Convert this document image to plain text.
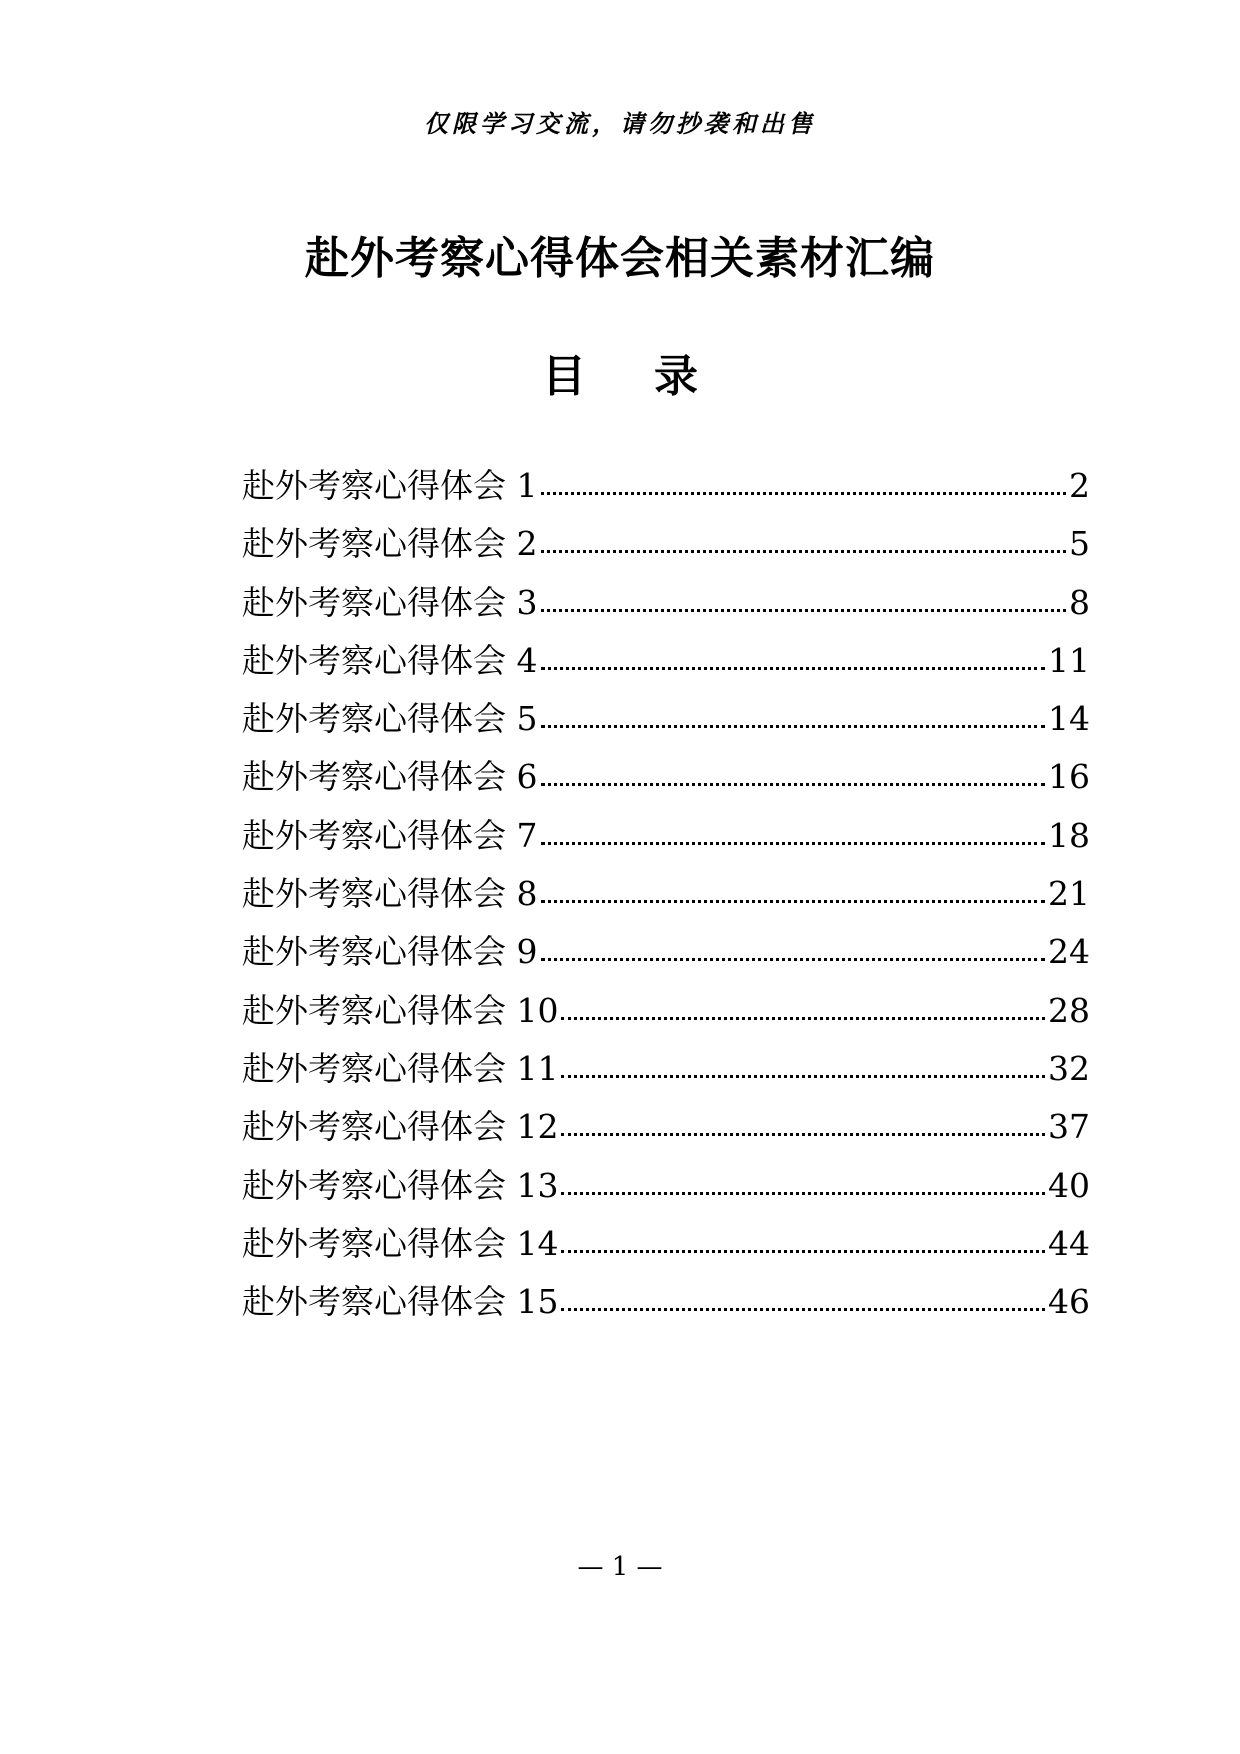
仅限学习交流，请勿抄袭和出售
赴外考察心得体会相关素材汇编
目 录
赴外考察心得体会 1	2
赴外考察心得体会 2	5
赴外考察心得体会 3	8
赴外考察心得体会 4	11
赴外考察心得体会 5	14
赴外考察心得体会 6	16
赴外考察心得体会 7	18
赴外考察心得体会 8	21
赴外考察心得体会 9	24
赴外考察心得体会 10	28
赴外考察心得体会 11	32
赴外考察心得体会 12	37
赴外考察心得体会 13	40
赴外考察心得体会 14	44
赴外考察心得体会 15	46
— 1 —
